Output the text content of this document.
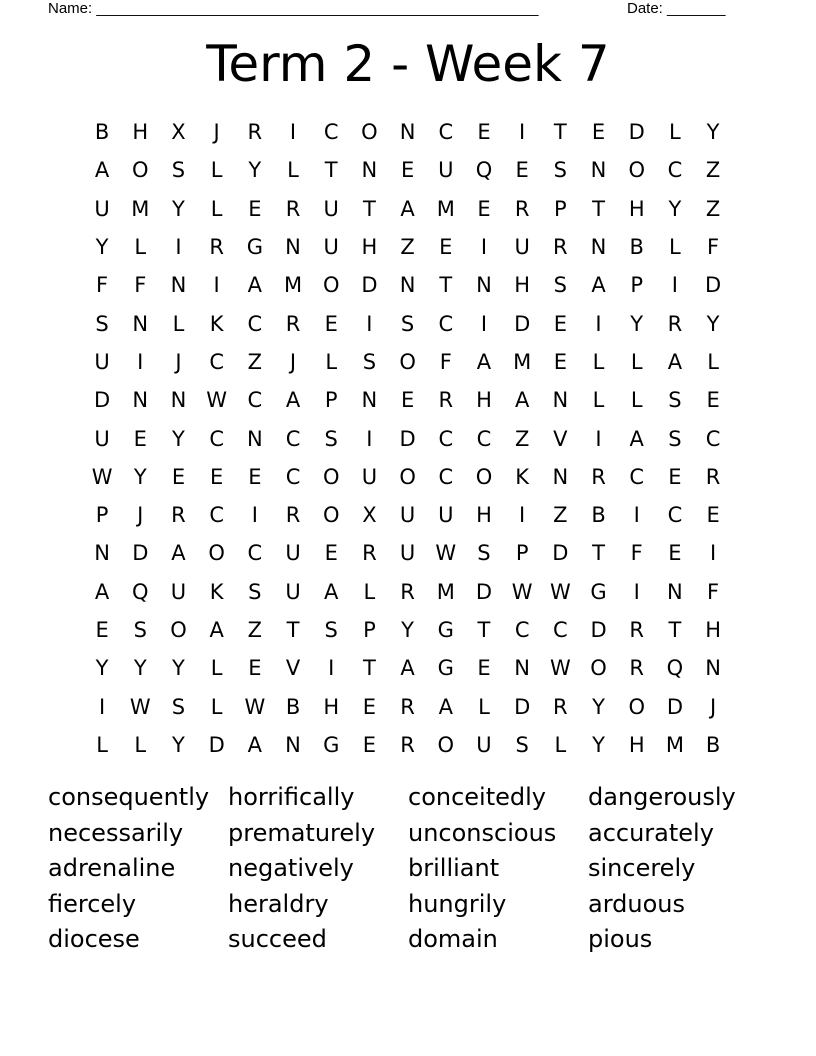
Name: _____________________________________________________	Date: _______
Term 2 - Week 7
B	H	X	J	R	I	C	O	N	C	E	I	T	E	D	L	Y
A	O	S	L	Y	L	T	N	E	U	Q	E	S	N	O	C	Z
U	M	Y	L	E	R	U	T	A	M	E	R	P	T	H	Y	Z
Y	L	I	R	G	N	U	H	Z	E	I	U	R	N	B	L	F
F	F	N	I	A	M O	D	N	T	N	H	S	A	P	I	D
S	N	L	K	C	R	E	I	S	C	I	D	E	I	Y	R	Y
U	I	J	C	Z	J	L	S	O	F	A	M	E	L	L	A	L
D	N	N W C	A	P	N	E	R	H	A	N	L	L	S	E
U	E	Y	C	N	C	S	I	D	C	C	Z	V	I	A	S	C
W	Y	E	E	E	C	O	U	O	C	O	K	N	R	C	E	R
P	J	R	C	I	R	O	X	U	U	H	I	Z	B	I	C	E
N	D	A	O	C	U	E	R	U W	S	P	D	T	F	E	I
A	Q	U	K	S	U	A	L	R	M	D W W G	I	N	F
E	S	O	A	Z	T	S	P	Y	G	T	C	C	D	R	T	H
Y	Y	Y	L	E	V	I	T	A	G	E	N W O	R	Q	N
I	W	S	L	W B	H	E	R	A	L	D	R	Y	O	D	J
L	L	Y	D	A	N	G	E	R	O	U	S	L	Y	H	M	B
consequently horrifically	conceitedly	dangerously
necessarily	prematurely	unconscious	accurately
adrenaline	negatively	brilliant	sincerely
fiercely	heraldry	hungrily	arduous
diocese	succeed	domain	pious
